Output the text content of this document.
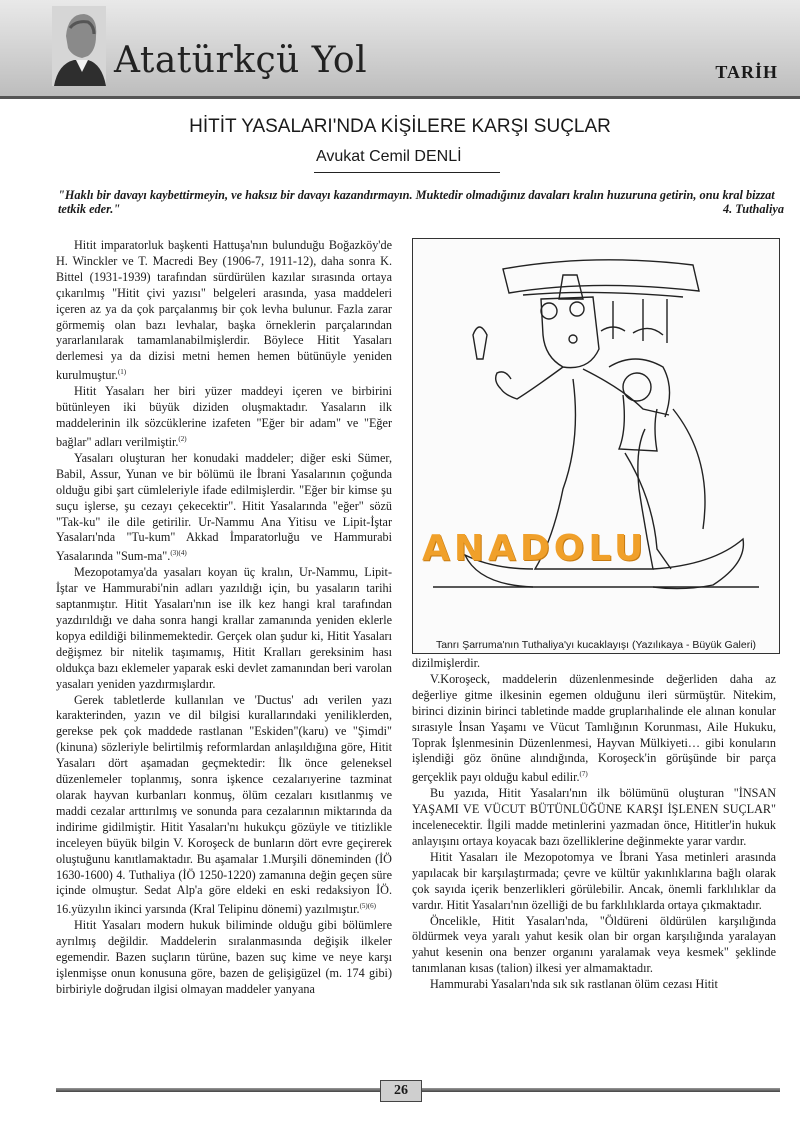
Atatürkçü Yol	TARİH
HİTİT YASALARI'NDA KİŞİLERE KARŞI SUÇLAR
Avukat Cemil DENLİ
"Haklı bir davayı kaybettirmeyin, ve haksız bir davayı kazandırmayın. Muktedir olmadığınız davaları kralın huzuruna getirin, onu kral bizzat tetkik eder."	4. Tuthaliya

Hitit imparatorluk başkenti Hattuşa'nın bulunduğu Boğazköy'de H. Winckler ve T. Macredi Bey (1906-7, 1911-12), daha sonra K. Bittel (1931-1939) tarafından sürdürülen kazılar sırasında ortaya çıkarılmış "Hitit çivi yazısı" belgeleri arasında, yasa maddeleri içeren az ya da çok parçalanmış bir çok levha bulunur. Fazla zarar görmemiş olan bazı levhalar, başka örneklerin parçalarından yararlanılarak tamamlanabilmişlerdir. Böylece Hitit Yasaları derlemesi ya da dizisi metni hemen hemen bütünüyle yeniden kurulmuştur.$^{(1)}$

Hitit Yasaları her biri yüzer maddeyi içeren ve birbirini bütünleyen iki büyük diziden oluşmaktadır. Yasaların ilk maddelerinin ilk sözcüklerine izafeten "Eğer bir adam" ve "Eğer bağlar" adları verilmiştir.$^{(2)}$

Yasaları oluşturan her konudaki maddeler; diğer eski Sümer, Babil, Assur, Yunan ve bir bölümü ile İbrani Yasalarının çoğunda olduğu gibi şart cümleleriyle ifade edilmişlerdir. "Eğer bir kimse şu suçu işlerse, şu cezayı çekecektir". Hitit Yasalarında "eğer" sözü "Tak-ku" ile dile getirilir. Ur-Nammu Ana Yitisu ve Lipit-İştar Yasaları'nda "Tu-kum" Akkad İmparatorluğu ve Hammurabi Yasalarında "Sum-ma".$^{(3)(4)}$

Mezopotamya'da yasaları koyan üç kralın, Ur-Nammu, Lipit-İştar ve Hammurabi'nin adları yazıldığı için, bu yasaların tarihi saptanmıştır. Hitit Yasaları'nın ise ilk kez hangi kral tarafından yazdırıldığı ve daha sonra hangi krallar zamanında yeniden eklerle kopya edildiği bilinmemektedir. Gerçek olan şudur ki, Hitit Yasaları değişmez bir nitelik taşımamış, Hitit Kralları gereksinim hası oldukça bazı eklemeler yaparak eski devlet zamanından beri varolan yasaları yeniden yazdırmışlardır.

Gerek tabletlerde kullanılan ve 'Ductus' adı verilen yazı karakterinden, yazın ve dil bilgisi kurallarındaki yeniliklerden, gerekse pek çok maddede rastlanan "Eskiden"(karu) ve "Şimdi" (kinuna) sözleriyle belirtilmiş reformlardan anlaşıldığına göre, Hitit Yasaları dört aşamadan geçmektedir: İlk önce geleneksel düzenlemeler toplanmış, sonra işkence cezalarıyerine tazminat olarak hayvan kurbanları konmuş, ölüm cezaları kısıtlanmış ve maddi cezalar arttırılmış ve sonunda para cezalarının miktarında da indirime gidilmiştir. Hitit Yasaları'nı hukukçu gözüyle ve titizlikle inceleyen büyük bilgin V. Koroşeck de bunların dört evre geçirerek oluştuğunu kanıtlamaktadır. Bu aşamalar 1.Murşili döneminden (İÖ 1630-1600) 4. Tuthaliya (İÖ 1250-1220) zamanına değin geçen süre içinde olmuştur. Sedat Alp'a göre eldeki en eski redaksiyon İÖ. 16.yüzyılın ikinci yarsında (Kral Telipinu dönemi) yazılmıştır.$^{(5)(6)}$

Hitit Yasaları modern hukuk biliminde olduğu gibi bölümlere ayrılmış değildir. Maddelerin sıralanmasında değişik ilkeler egemendir. Bazen suçların türüne, bazen suç kime ve neye karşı işlenmişse onun konusuna göre, bazen de gelişigüzel (m. 174 gibi) birbiriyle doğrudan ilgisi olmayan maddeler yanyana

Tanrı Şarruma'nın Tuthaliya'yı kucaklayışı (Yazılıkaya - Büyük Galeri)
ANADOLU

dizilmişlerdir.

V.Koroşeck, maddelerin düzenlenmesinde değerliden daha az değerliye gitme ilkesinin egemen olduğunu ileri sürmüştür. Nitekim, birinci dizinin birinci tabletinde madde gruplarıhalinde ele alınan konular sırasıyle İnsan Yaşamı ve Vücut Tamlığının Korunması, Aile Hukuku, Toprak İşlenmesinin Düzenlenmesi, Hayvan Mülkiyeti… gibi konuların işlendiği göz önüne alındığında, Koroşeck'in görüşünde bir parça gerçeklik payı olduğu kabul edilir.$^{(7)}$

Bu yazıda, Hitit Yasaları'nın ilk bölümünü oluşturan "İNSAN YAŞAMI VE VÜCUT BÜTÜNLÜĞÜNE KARŞI İŞLENEN SUÇLAR" incelenecektir. İlgili madde metinlerini yazmadan önce, Hititler'in hukuk anlayışını ortaya koyacak bazı özelliklerine değinmekte yarar vardır.

Hitit Yasaları ile Mezopotomya ve İbrani Yasa metinleri arasında yapılacak bir karşılaştırmada; çevre ve kültür yakınlıklarına bağlı olarak çok sayıda içerik benzerlikleri görülebilir. Ancak, önemli farklılıklar da vardır. Hitit Yasaları'nın özelliği de bu farklılıklarda ortaya çıkmaktadır.

Öncelikle, Hitit Yasaları'nda, "Öldüreni öldürülen karşılığında öldürmek veya yaralı yahut kesik olan bir organ karşılığında yaralayan yahut kesenin ona benzer organını yaralamak veya kesmek" şeklinde tanımlanan kısas (talion) ilkesi yer almamaktadır.

Hammurabi Yasaları'nda sık sık rastlanan ölüm cezası Hitit

26
